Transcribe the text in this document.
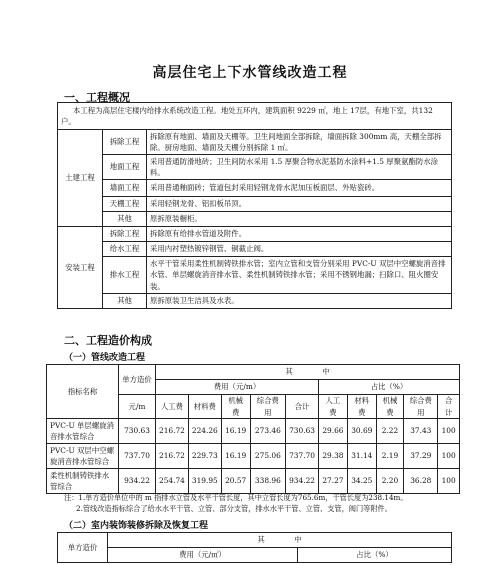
高层住宅上下水管线改造工程
一、工程概况
本工程为高层住宅楼内给排水系统改造工程。地处五环内，建筑面积 9229 ㎡，地上 17层，有地下室，共132 户。		
土建工程	拆除工程	拆除原有地面、墙面及天棚等。卫生间地面全部拆除，墙面拆除 300mm 高，天棚全部拆除。厨房地面、墙面及天棚分别拆除 1 ㎡。
	地面工程	采用普通防滑地砖；卫生间防水采用 1.5 厚聚合物水泥基防水涂料+1.5 厚聚氨酯防水涂料。
	墙面工程	采用普通釉面砖；管道包封采用轻钢龙骨水泥加压板面层、外贴瓷砖。
	天棚工程	采用轻钢龙骨、铝扣板吊顶。
	其他	原拆原装橱柜。
安装工程	拆除工程	拆除原有给排水管道及附件。
	给水工程	采用内衬塑热镀锌钢管、铜截止阀。
	排水工程	水平干管采用柔性机制铸铁排水管；室内立管和支管分别采用 PVC-U 双层中空螺旋消音排水管、单层螺旋消音排水管、柔性机制铸铁排水管；采用不锈钢地漏；扫除口、阻火圈安装。
	其他	原拆原装卫生洁具及水表。
二、工程造价构成
（一）管线改造工程
指标名称	单方造价	其　　　　中									
		费用（元/m）					占比（%）				
	元/m	人工费	材料费	机械费	综合费用	合计	人工费	材料费	机械费	综合费用	合计
PVC-U 单层螺旋消音排水管综合	730.63	216.72	224.26	16.19	273.46	730.63	29.66	30.69	2.22	37.43	100
PVC-U 双层中空螺旋消音排水管综合	737.70	216.72	229.73	16.19	275.06	737.70	29.38	31.14	2.19	37.29	100
柔性机制铸铁排水管综合	934.22	254.74	319.95	20.57	338.96	934.22	27.27	34.25	2.20	36.28	100
注：1.单方造价单位中的 m 指排水立管及水平干管长度，其中立管长度为765.6m，干管长度为238.14m。
2.管线改造指标综合了给水水平干管、立管、部分支管，排水水平干管、立管、支管，阀门等附件。
（二）室内装饰装修拆除及恢复工程
单方造价	其　　　　中	
	费用（元/㎡）	占比（%）
